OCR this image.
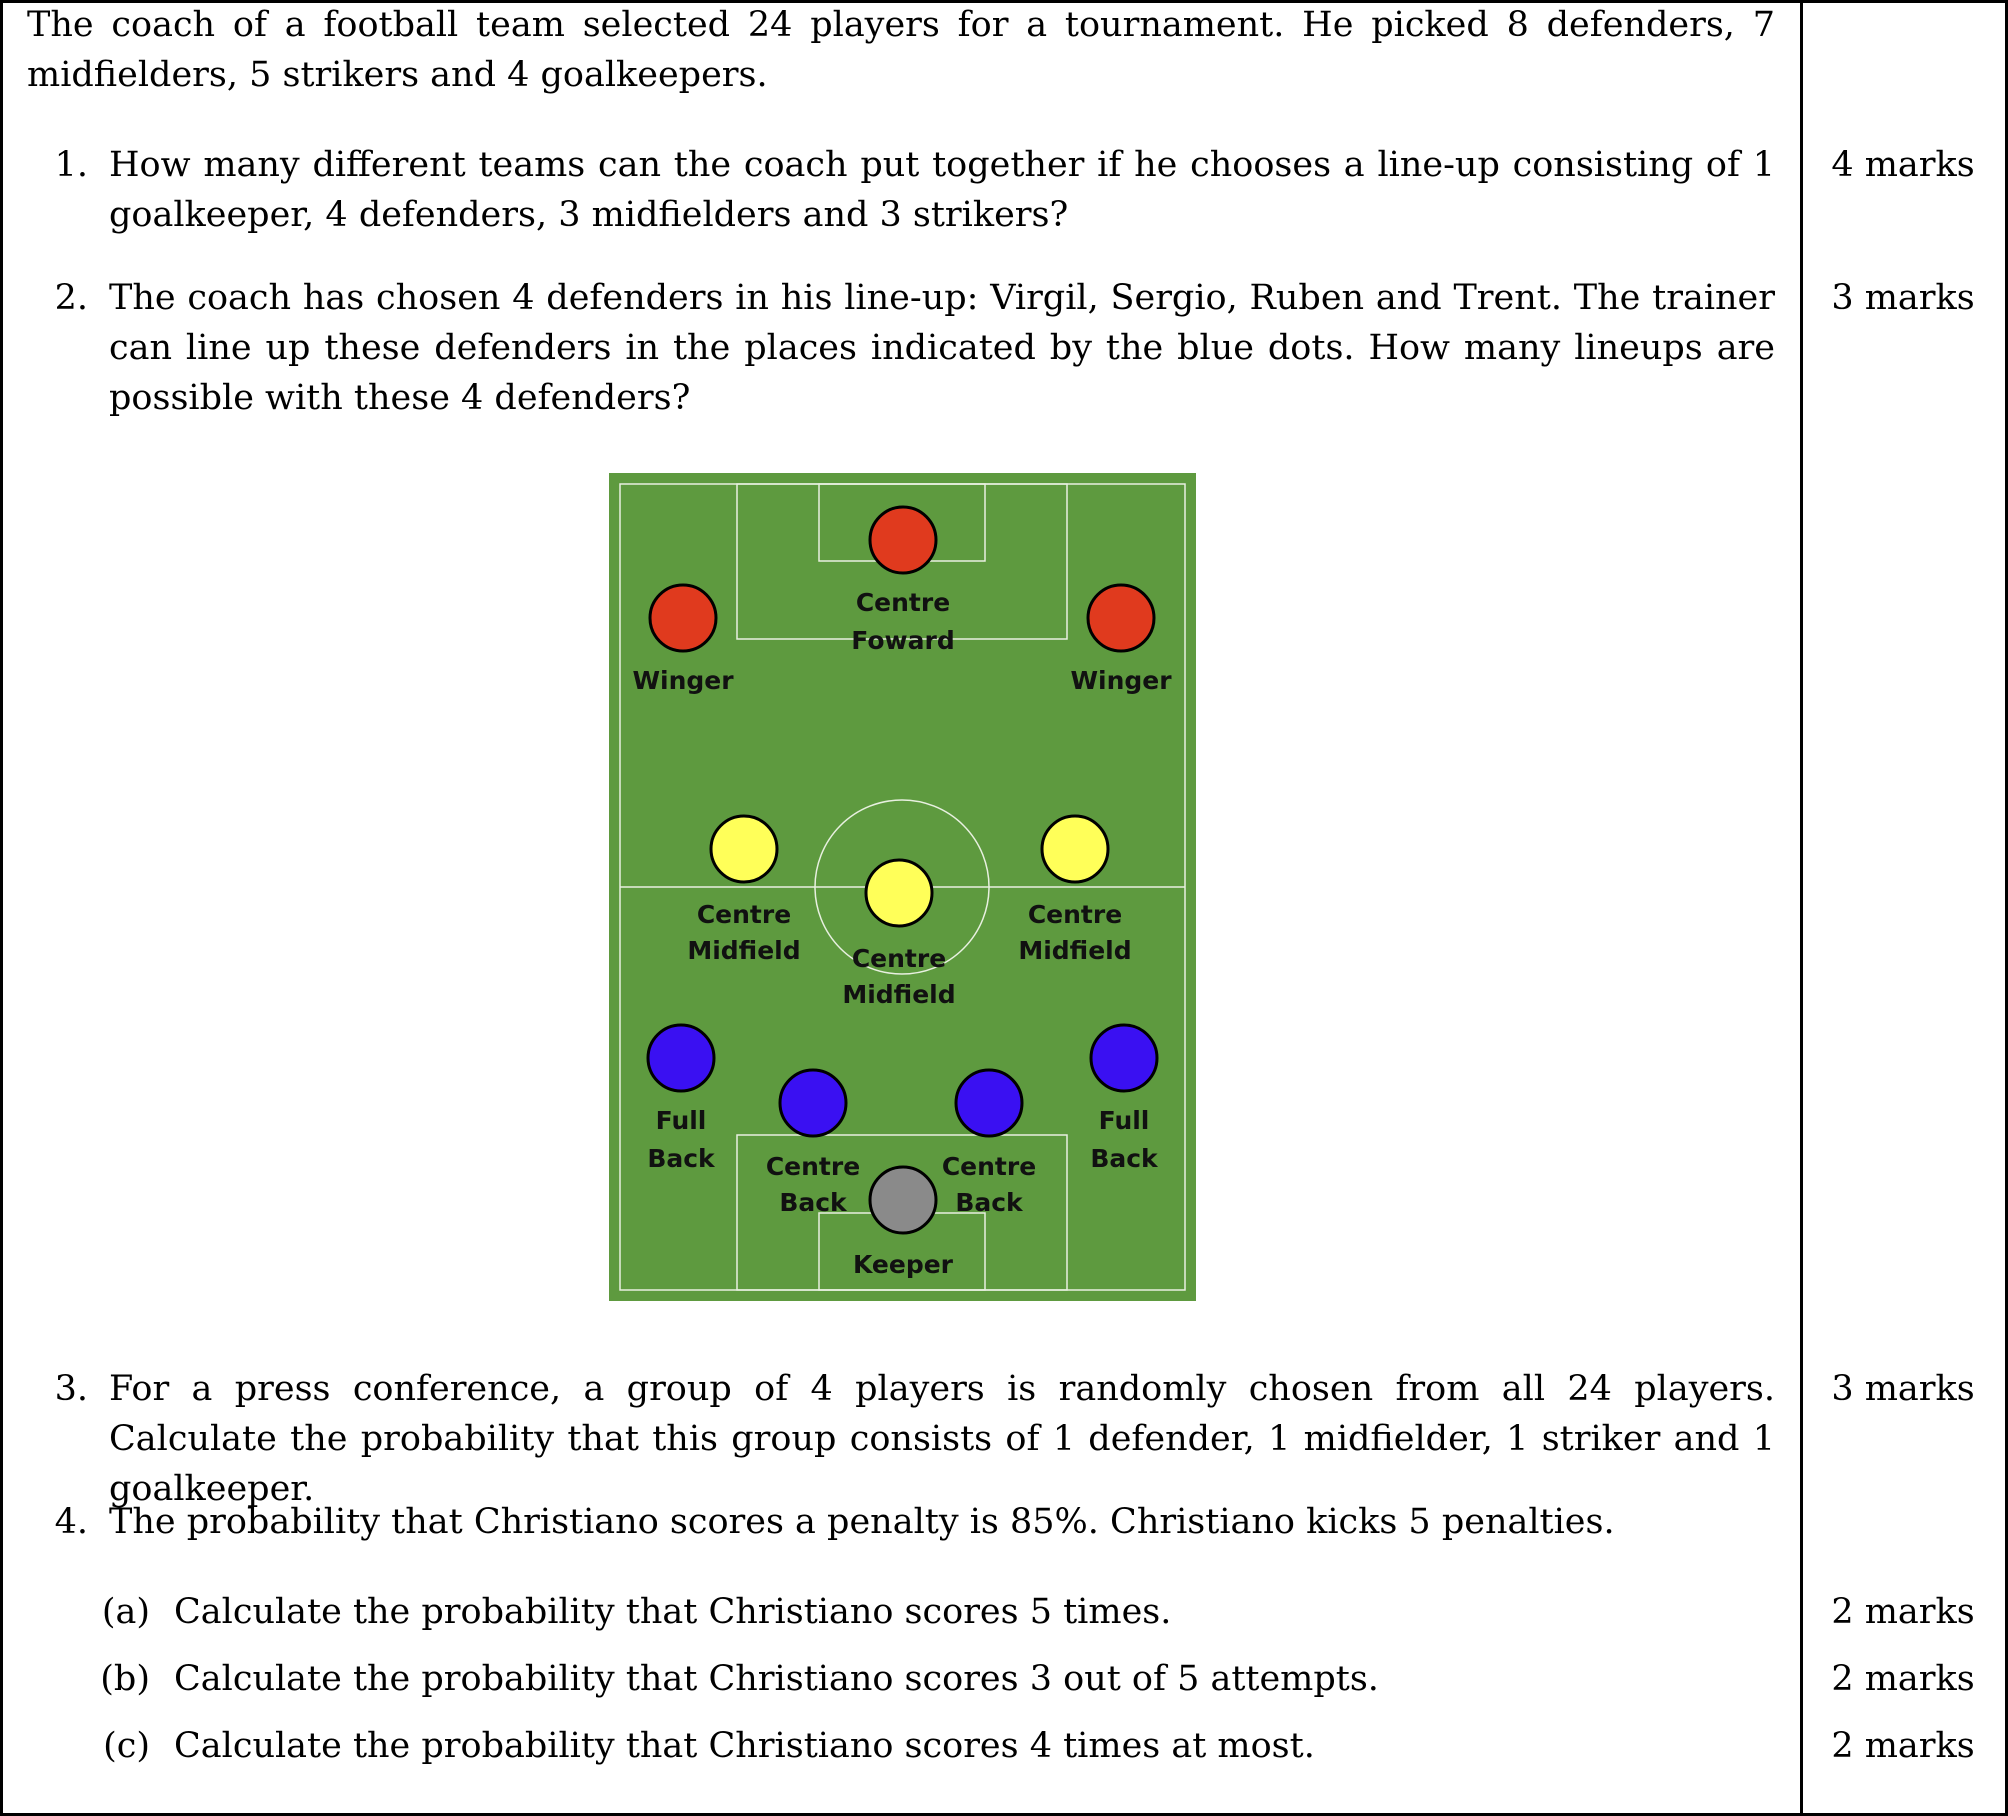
The coach of a football team selected 24 players for a tournament. He picked 8 defenders, 7 midfielders, 5 strikers and 4 goalkeepers.
1. How many different teams can the coach put together if he chooses a line-up consisting of 1 goalkeeper, 4 defenders, 3 midfielders and 3 strikers?
4 marks
2. The coach has chosen 4 defenders in his line-up: Virgil, Sergio, Ruben and Trent. The trainer can line up these defenders in the places indicated by the blue dots. How many lineups are possible with these 4 defenders?
3 marks
Centre
Foward
Winger	Winger
Centre
Midfield Centre
Midfield
Centre
Midfield
Full
Back Centre
Back
Centre
Back
Full
Back
Keeper
3. For a press conference, a group of 4 players is randomly chosen from all 24 players. Calculate the probability that this group consists of 1 defender, 1 midfielder, 1 striker and 1 goalkeeper.
3 marks
4. The probability that Christiano scores a penalty is 85%. Christiano kicks 5 penalties.
(a) Calculate the probability that Christiano scores 5 times.	2 marks
(b) Calculate the probability that Christiano scores 3 out of 5 attempts.	2 marks
(c) Calculate the probability that Christiano scores 4 times at most.	2 marks
